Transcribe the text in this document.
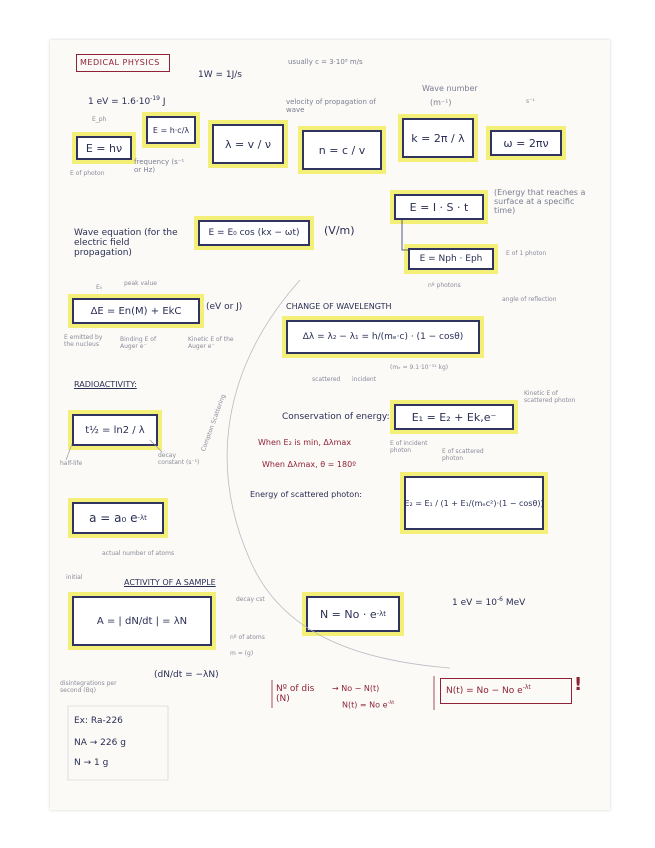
MEDICAL PHYSICS
1W = 1J/s
usually c = 3·10⁸ m/s
1 eV = $1.6\cdot 10^{-19}$ J
E_ph
velocity of propagation of wave
Wave number
(m⁻¹)	s⁻¹
E = hν
E = h·c/λ
λ = v / ν	n = c / v
k = 2π / λ	ω = 2πν
frequency (s⁻¹ or Hz)
E of photon
E = I · S · t
(Energy that reaches a surface at a specific time)
E = Nph · Eph
E of 1 photon
nº photons
Wave equation (for the electric field propagation)
E = E₀ cos (kx − ωt)	(V/m)
E₀
peak value
ΔE = En(M) + EkC	(eV or J)
E emitted by the nucleus
Binding E of Auger e⁻
Kinetic E of the Auger e⁻
CHANGE OF WAVELENGTH
angle of reflection
Δλ = λ₂ − λ₁ = h/(mₑ·c) · (1 − cosθ)
scattered incident
(mₑ = 9.1·10⁻³¹ kg)
Compton Scattering
RADIOACTIVITY:
t½ = ln2 / λ
half-life
decay constant (s⁻¹)
a = a₀ e -λt
initial
actual number of atoms
Conservation of energy:	E₁ = E₂ + Ek,e⁻
Kinetic E of scattered photon
E of incident photon	E of scattered photon
When E₂ is min, Δλmax
When Δλmax, θ = 180º
Energy of scattered photon:
E₂ = E₁ / (1 + E₁/(mₑc²)·(1 − cosθ))
ACTIVITY OF A SAMPLE
A = | dN/dt | = λN
decay cst
nº of atoms
m = (g)
disintegrations per second (Bq)
(dN/dt = −λN)
N = No · e -λt
1 eV = $10^{-6}$ MeV
Nº of dis (N)
→ No − N(t)
N(t) = No $e^{-\lambda t}$
N(t) = No − No $e^{-\lambda t}$ !
Ex: Ra-226
NA → 226 g
N → 1 g
